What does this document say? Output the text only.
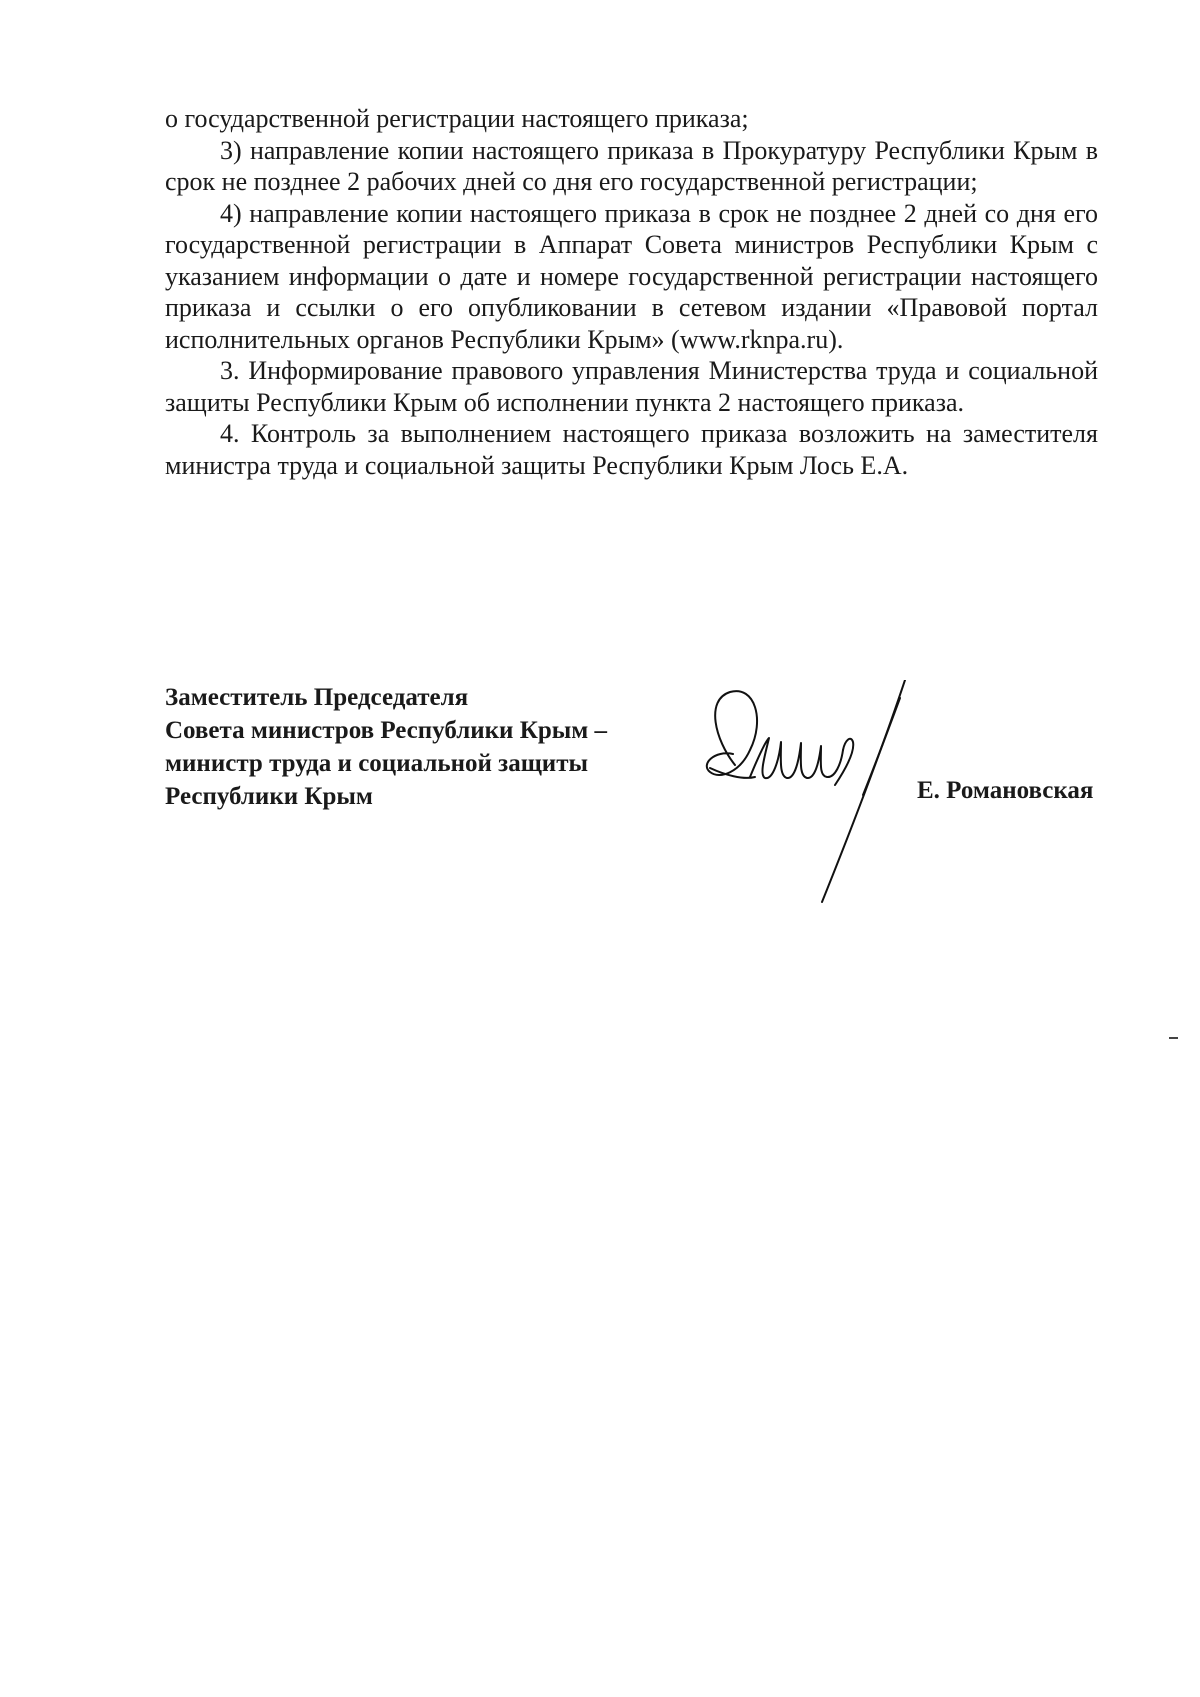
о государственной регистрации настоящего приказа;

3) направление копии настоящего приказа в Прокуратуру Республики Крым в срок не позднее 2 рабочих дней со дня его государственной регистрации;

4) направление копии настоящего приказа в срок не позднее 2 дней со дня его государственной регистрации в Аппарат Совета министров Республики Крым с указанием информации о дате и номере государственной регистрации настоящего приказа и ссылки о его опубликовании в сетевом издании «Правовой портал исполнительных органов Республики Крым» (www.rknpa.ru).

3. Информирование правового управления Министерства труда и социальной защиты Республики Крым об исполнении пункта 2 настоящего приказа.

4. Контроль за выполнением настоящего приказа возложить на заместителя министра труда и социальной защиты Республики Крым Лось Е.А.

Заместитель Председателя
Совета министров Республики Крым –
министр труда и социальной защиты
Республики Крым	Е. Романовская
